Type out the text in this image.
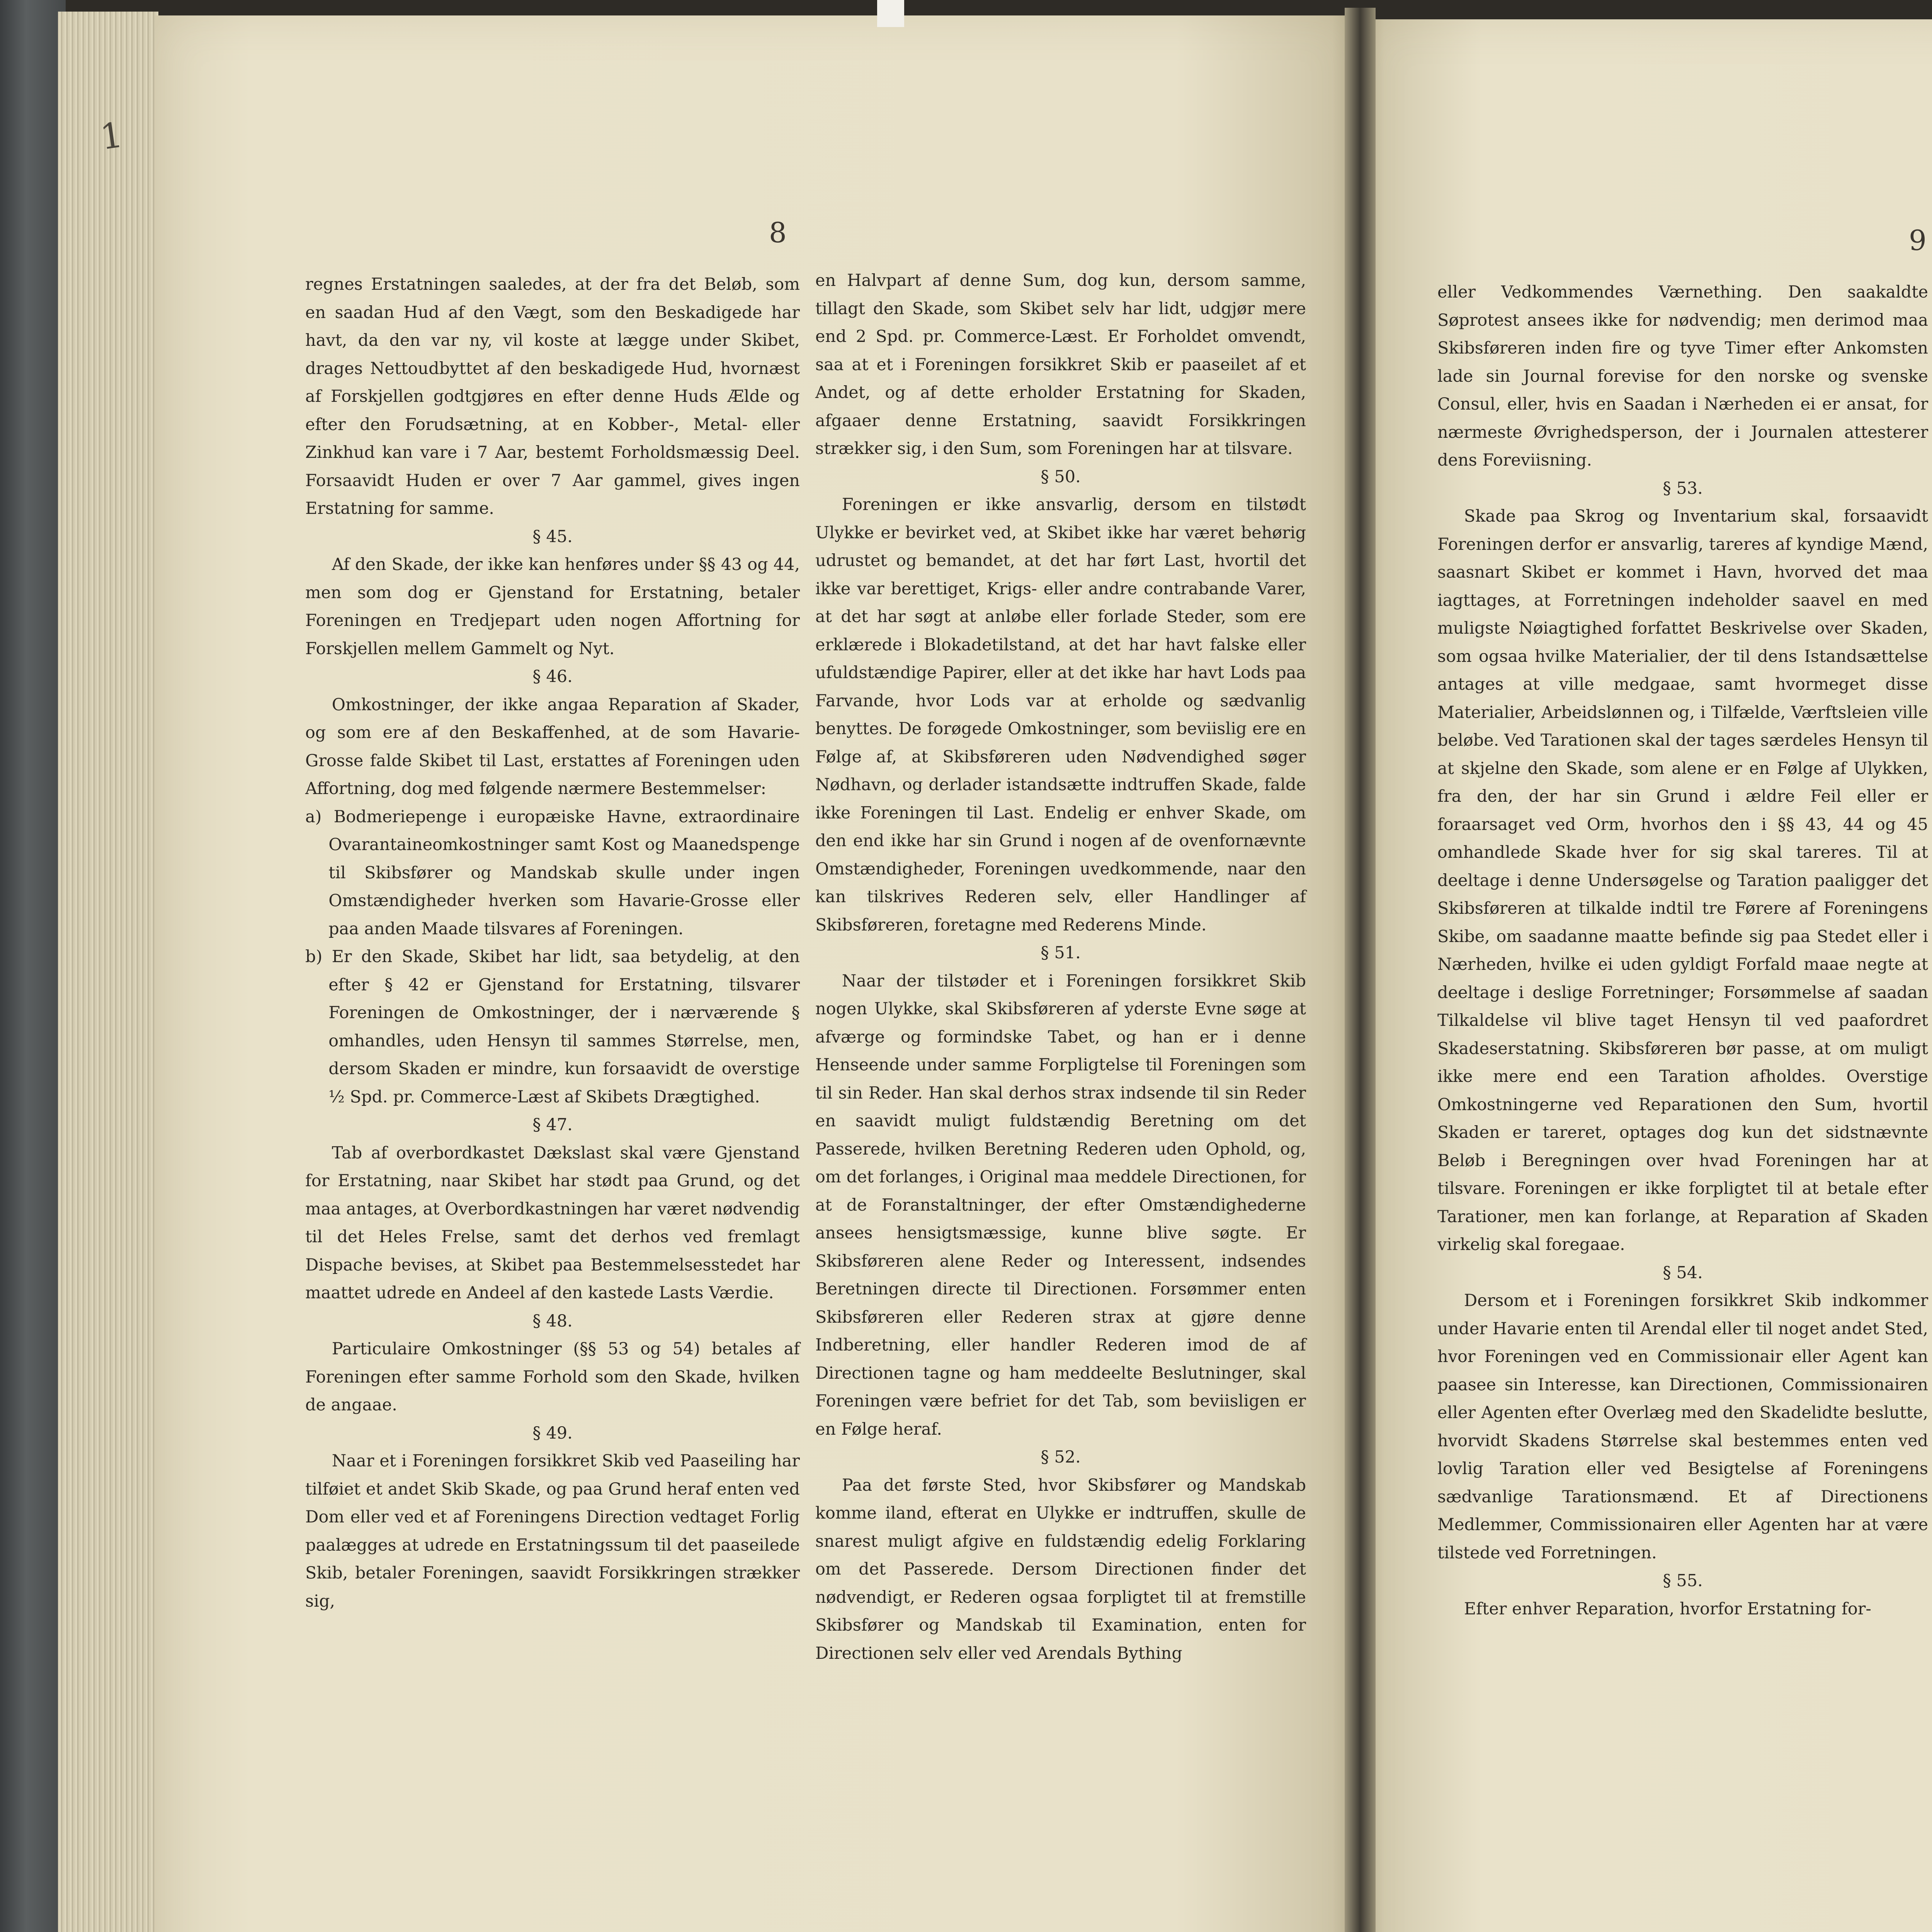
1
8	9

regnes Erstatningen saaledes, at der fra det Beløb, som en saadan Hud af den Vægt, som den Beskadigede har havt, da den var ny, vil koste at lægge under Skibet, drages Nettoudbyttet af den beskadigede Hud, hvornæst af Forskjellen godtgjøres en efter denne Huds Ælde og efter den Forudsætning, at en Kobber-, Metal- eller Zinkhud kan vare i 7 Aar, bestemt Forholdsmæssig Deel. Forsaavidt Huden er over 7 Aar gammel, gives ingen Erstatning for samme.

§ 45.

Af den Skade, der ikke kan henføres under §§ 43 og 44, men som dog er Gjenstand for Erstatning, betaler Foreningen en Tredjepart uden nogen Affortning for Forskjellen mellem Gammelt og Nyt.

§ 46.

Omkostninger, der ikke angaa Reparation af Skader, og som ere af den Beskaffenhed, at de som Havarie-Grosse falde Skibet til Last, erstattes af Foreningen uden Affortning, dog med følgende nærmere Bestemmelser:

a) Bodmeriepenge i europæiske Havne, extraordinaire Ovarantaineomkostninger samt Kost og Maanedspenge til Skibsfører og Mandskab skulle under ingen Omstændigheder hverken som Havarie-Grosse eller paa anden Maade tilsvares af Foreningen.

b) Er den Skade, Skibet har lidt, saa betydelig, at den efter § 42 er Gjenstand for Erstatning, tilsvarer Foreningen de Omkostninger, der i nærværende § omhandles, uden Hensyn til sammes Størrelse, men, dersom Skaden er mindre, kun forsaavidt de overstige ½ Spd. pr. Commerce-Læst af Skibets Drægtighed.

§ 47.

Tab af overbordkastet Dækslast skal være Gjenstand for Erstatning, naar Skibet har stødt paa Grund, og det maa antages, at Overbordkastningen har været nødvendig til det Heles Frelse, samt det derhos ved fremlagt Dispache bevises, at Skibet paa Bestemmelsesstedet har maattet udrede en Andeel af den kastede Lasts Værdie.

§ 48.

Particulaire Omkostninger (§§ 53 og 54) betales af Foreningen efter samme Forhold som den Skade, hvilken de angaae.

§ 49.

Naar et i Foreningen forsikkret Skib ved Paaseiling har tilføiet et andet Skib Skade, og paa Grund heraf enten ved Dom eller ved et af Foreningens Direction vedtaget Forlig paalægges at udrede en Erstatningssum til det paaseilede Skib, betaler Foreningen, saavidt Forsikkringen strækker sig,

en Halvpart af denne Sum, dog kun, dersom samme, tillagt den Skade, som Skibet selv har lidt, udgjør mere end 2 Spd. pr. Commerce-Læst. Er Forholdet omvendt, saa at et i Foreningen forsikkret Skib er paaseilet af et Andet, og af dette erholder Erstatning for Skaden, afgaaer denne Erstatning, saavidt Forsikkringen strækker sig, i den Sum, som Foreningen har at tilsvare.

§ 50.

Foreningen er ikke ansvarlig, dersom en tilstødt Ulykke er bevirket ved, at Skibet ikke har været behørig udrustet og bemandet, at det har ført Last, hvortil det ikke var berettiget, Krigs- eller andre contrabande Varer, at det har søgt at anløbe eller forlade Steder, som ere erklærede i Blokadetilstand, at det har havt falske eller ufuldstændige Papirer, eller at det ikke har havt Lods paa Farvande, hvor Lods var at erholde og sædvanlig benyttes. De forøgede Omkostninger, som beviislig ere en Følge af, at Skibsføreren uden Nødvendighed søger Nødhavn, og derlader istandsætte indtruffen Skade, falde ikke Foreningen til Last. Endelig er enhver Skade, om den end ikke har sin Grund i nogen af de ovenfornævnte Omstændigheder, Foreningen uvedkommende, naar den kan tilskrives Rederen selv, eller Handlinger af Skibsføreren, foretagne med Rederens Minde.

§ 51.

Naar der tilstøder et i Foreningen forsikkret Skib nogen Ulykke, skal Skibsføreren af yderste Evne søge at afværge og formindske Tabet, og han er i denne Henseende under samme Forpligtelse til Foreningen som til sin Reder. Han skal derhos strax indsende til sin Reder en saavidt muligt fuldstændig Beretning om det Passerede, hvilken Beretning Rederen uden Ophold, og, om det forlanges, i Original maa meddele Directionen, for at de Foranstaltninger, der efter Omstændighederne ansees hensigtsmæssige, kunne blive søgte. Er Skibsføreren alene Reder og Interessent, indsendes Beretningen directe til Directionen. Forsømmer enten Skibsføreren eller Rederen strax at gjøre denne Indberetning, eller handler Rederen imod de af Directionen tagne og ham meddeelte Beslutninger, skal Foreningen være befriet for det Tab, som beviisligen er en Følge heraf.

§ 52.

Paa det første Sted, hvor Skibsfører og Mandskab komme iland, efterat en Ulykke er indtruffen, skulle de snarest muligt afgive en fuldstændig edelig Forklaring om det Passerede. Dersom Directionen finder det nødvendigt, er Rederen ogsaa forpligtet til at fremstille Skibsfører og Mandskab til Examination, enten for Directionen selv eller ved Arendals Bything

eller Vedkommendes Værnething. Den saakaldte Søprotest ansees ikke for nødvendig; men derimod maa Skibsføreren inden fire og tyve Timer efter Ankomsten lade sin Journal forevise for den norske og svenske Consul, eller, hvis en Saadan i Nærheden ei er ansat, for nærmeste Øvrighedsperson, der i Journalen attesterer dens Foreviisning.

§ 53.

Skade paa Skrog og Inventarium skal, forsaavidt Foreningen derfor er ansvarlig, tareres af kyndige Mænd, saasnart Skibet er kommet i Havn, hvorved det maa iagttages, at Forretningen indeholder saavel en med muligste Nøiagtighed forfattet Beskrivelse over Skaden, som ogsaa hvilke Materialier, der til dens Istandsættelse antages at ville medgaae, samt hvormeget disse Materialier, Arbeidslønnen og, i Tilfælde, Værftsleien ville beløbe. Ved Tarationen skal der tages særdeles Hensyn til at skjelne den Skade, som alene er en Følge af Ulykken, fra den, der har sin Grund i ældre Feil eller er foraarsaget ved Orm, hvorhos den i §§ 43, 44 og 45 omhandlede Skade hver for sig skal tareres. Til at deeltage i denne Undersøgelse og Taration paaligger det Skibsføreren at tilkalde indtil tre Førere af Foreningens Skibe, om saadanne maatte befinde sig paa Stedet eller i Nærheden, hvilke ei uden gyldigt Forfald maae negte at deeltage i deslige Forretninger; Forsømmelse af saadan Tilkaldelse vil blive taget Hensyn til ved paafordret Skadeserstatning. Skibsføreren bør passe, at om muligt ikke mere end een Taration afholdes. Overstige Omkostningerne ved Reparationen den Sum, hvortil Skaden er tareret, optages dog kun det sidstnævnte Beløb i Beregningen over hvad Foreningen har at tilsvare. Foreningen er ikke forpligtet til at betale efter Tarationer, men kan forlange, at Reparation af Skaden virkelig skal foregaae.

§ 54.

Dersom et i Foreningen forsikkret Skib indkommer under Havarie enten til Arendal eller til noget andet Sted, hvor Foreningen ved en Commissionair eller Agent kan paasee sin Interesse, kan Directionen, Commissionairen eller Agenten efter Overlæg med den Skadelidte beslutte, hvorvidt Skadens Størrelse skal bestemmes enten ved lovlig Taration eller ved Besigtelse af Foreningens sædvanlige Tarationsmænd. Et af Directionens Medlemmer, Commissionairen eller Agenten har at være tilstede ved Forretningen.

§ 55.

Efter enhver Reparation, hvorfor Erstatning for-
